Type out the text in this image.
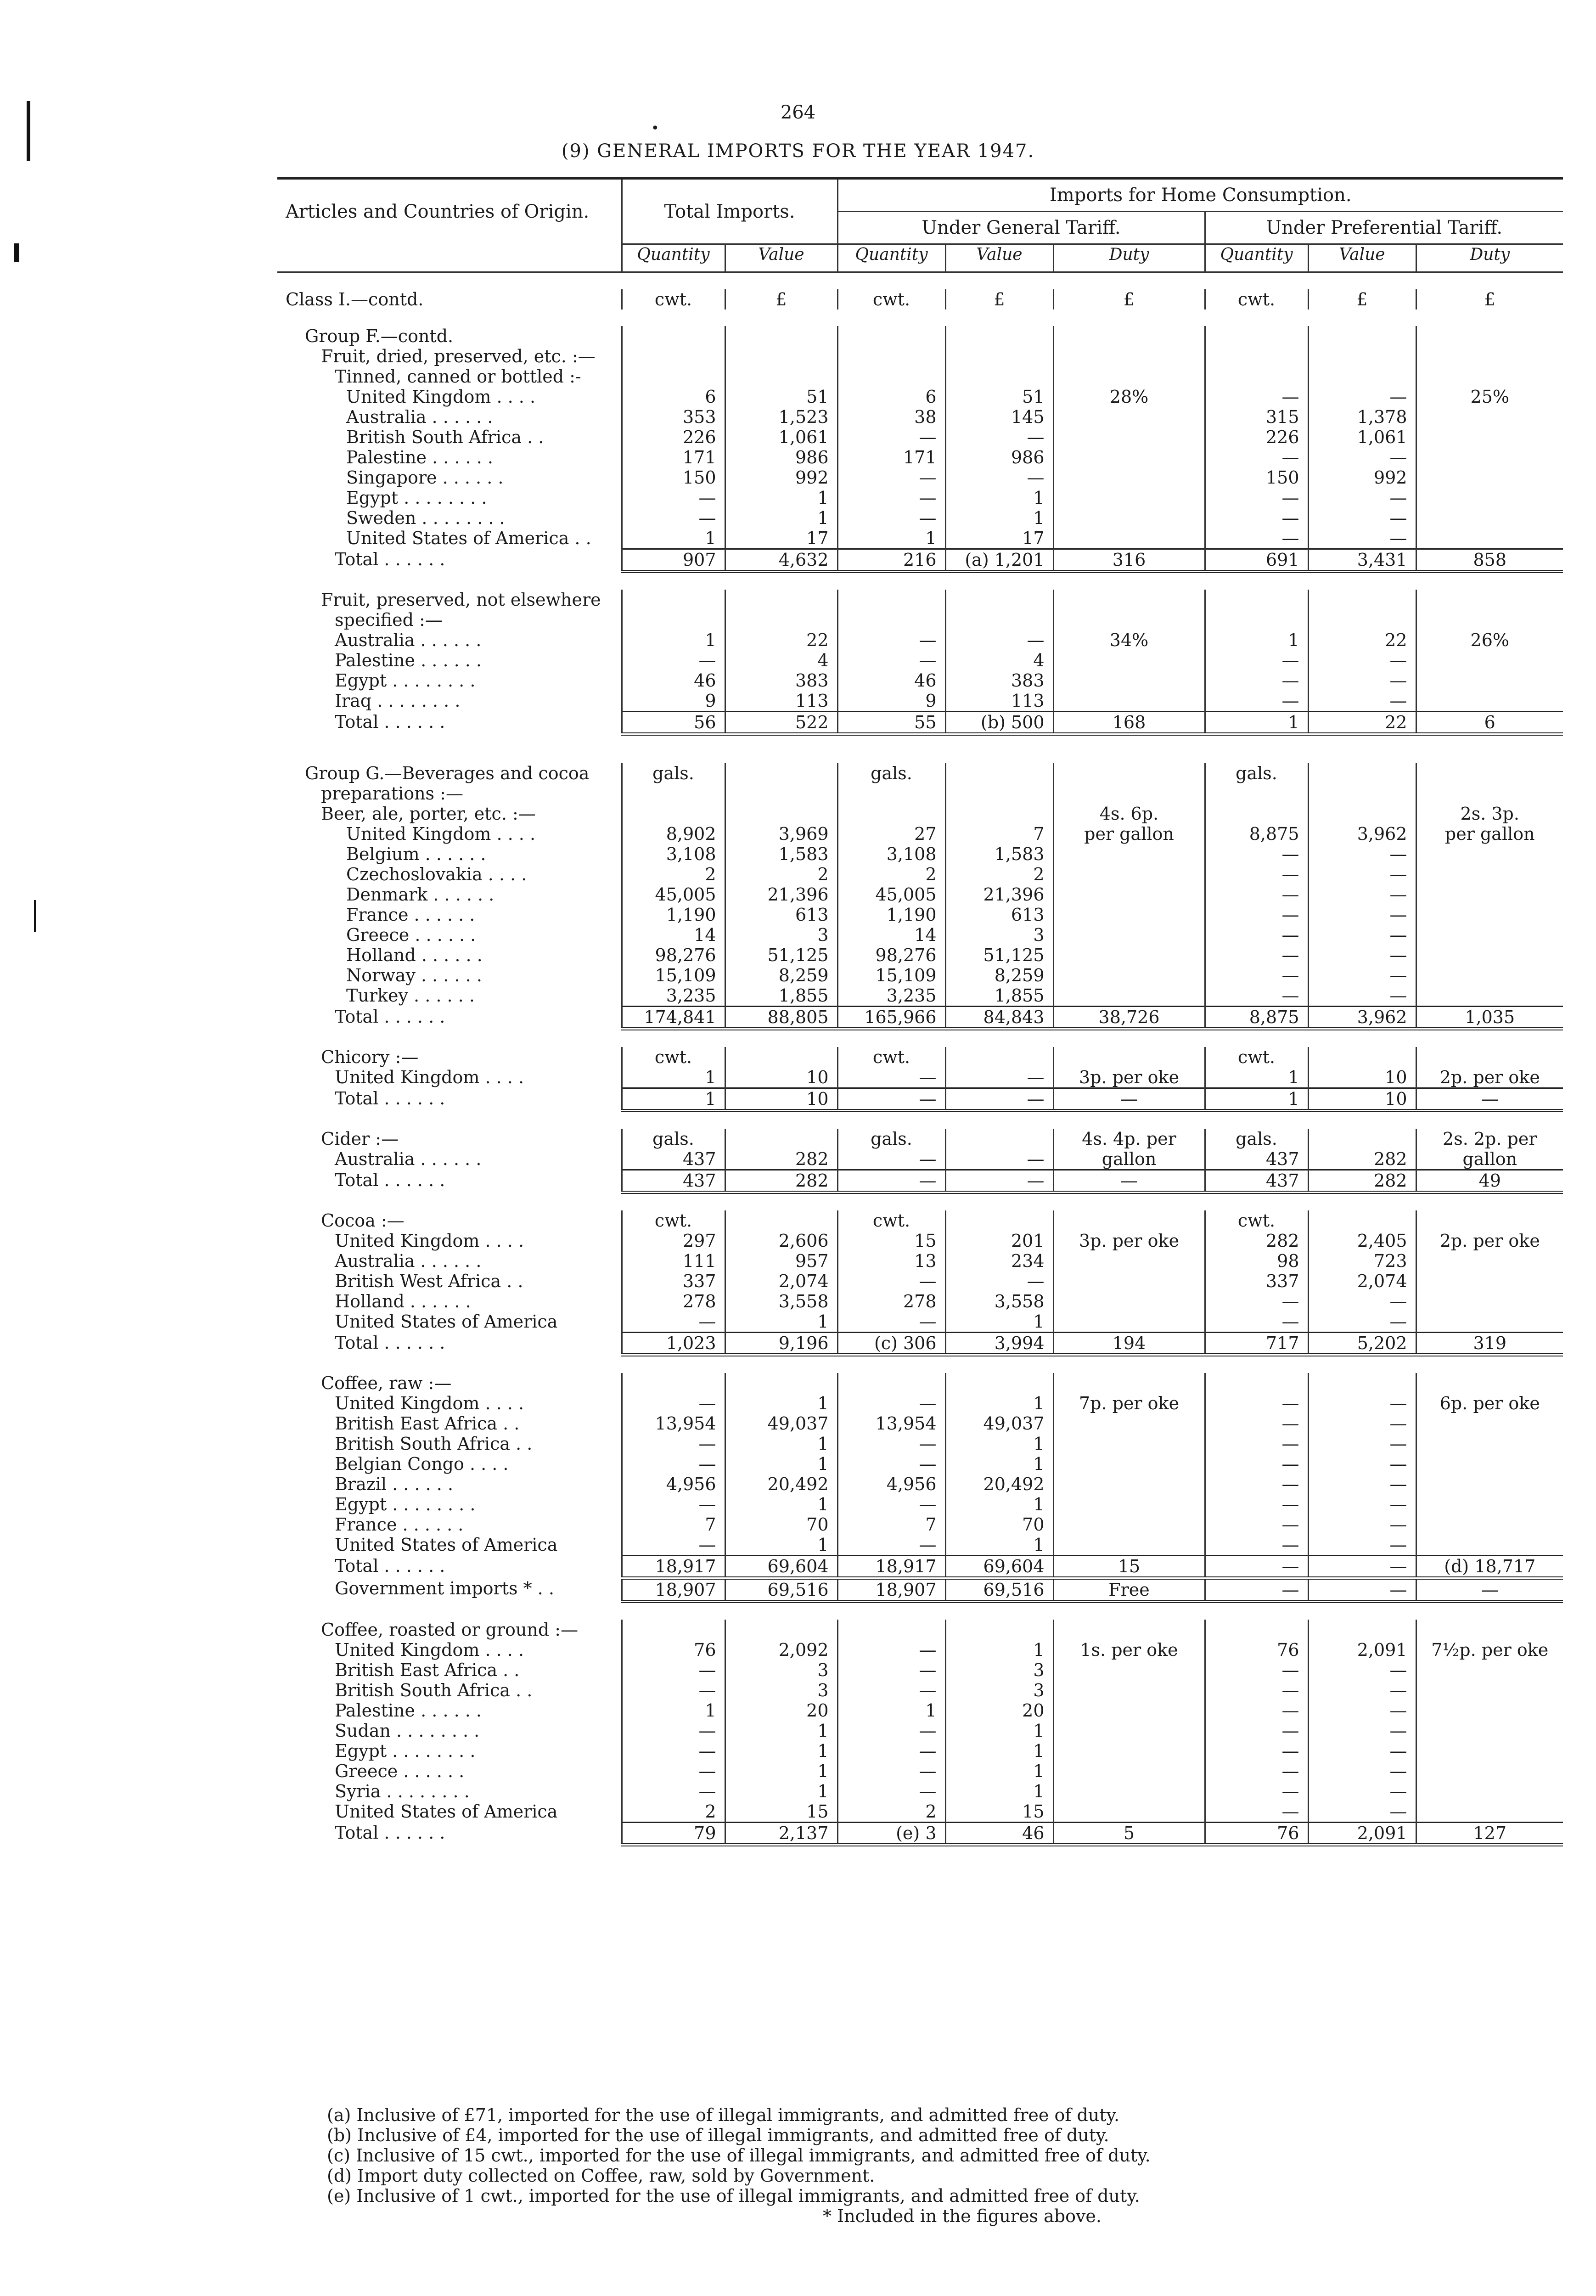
264
•
(9) GENERAL IMPORTS FOR THE YEAR 1947.
Articles and Countries of Origin.	Total Imports.		Imports for Home Consumption.					
			Under General Tariff.			Under Preferential Tariff.		
	Quantity	Value	Quantity	Value	Duty	Quantity	Value	Duty

Class I.—contd.	cwt.	£	cwt.	£	£	cwt.	£	£

Group F.—contd.								
Fruit, dried, preserved, etc. :—								
Tinned, canned or bottled :-								
United Kingdom . . . .	6	51	6	51	28%	—	—	25%
Australia . . . . . .	353	1,523	38	145		315	1,378	
British South Africa . .	226	1,061	—	—		226	1,061	
Palestine . . . . . .	171	986	171	986		—	—	
Singapore . . . . . .	150	992	—	—		150	992	
Egypt . . . . . . . .	—	1	—	1		—	—	
Sweden . . . . . . . .	—	1	—	1		—	—	
United States of America . .	1	17	1	17		—	—	
Total . . . . . .	907	4,632	216	(a) 1,201	316	691	3,431	858

Fruit, preserved, not elsewhere								
specified :—								
Australia . . . . . .	1	22	—	—	34%	1	22	26%
Palestine . . . . . .	—	4	—	4		—	—	
Egypt . . . . . . . .	46	383	46	383		—	—	
Iraq . . . . . . . .	9	113	9	113		—	—	
Total . . . . . .	56	522	55	(b) 500	168	1	22	6

Group G.—Beverages and cocoa	gals.		gals.			gals.		
preparations :—								
Beer, ale, porter, etc. :—					4s. 6p.			2s. 3p.
United Kingdom . . . .	8,902	3,969	27	7	per gallon	8,875	3,962	per gallon
Belgium . . . . . .	3,108	1,583	3,108	1,583		—	—	
Czechoslovakia . . . .	2	2	2	2		—	—	
Denmark . . . . . .	45,005	21,396	45,005	21,396		—	—	
France . . . . . .	1,190	613	1,190	613		—	—	
Greece . . . . . .	14	3	14	3		—	—	
Holland . . . . . .	98,276	51,125	98,276	51,125		—	—	
Norway . . . . . .	15,109	8,259	15,109	8,259		—	—	
Turkey . . . . . .	3,235	1,855	3,235	1,855		—	—	
Total . . . . . .	174,841	88,805	165,966	84,843	38,726	8,875	3,962	1,035

Chicory :—	cwt.		cwt.			cwt.		
United Kingdom . . . .	1	10	—	—	3p. per oke	1	10	2p. per oke
Total . . . . . .	1	10	—	—	—	1	10	—

Cider :—	gals.		gals.		4s. 4p. per	gals.		2s. 2p. per
Australia . . . . . .	437	282	—	—	gallon	437	282	gallon
Total . . . . . .	437	282	—	—	—	437	282	49

Cocoa :—	cwt.		cwt.			cwt.		
United Kingdom . . . .	297	2,606	15	201	3p. per oke	282	2,405	2p. per oke
Australia . . . . . .	111	957	13	234		98	723	
British West Africa . .	337	2,074	—	—		337	2,074	
Holland . . . . . .	278	3,558	278	3,558		—	—	
United States of America	—	1	—	1		—	—	
Total . . . . . .	1,023	9,196	(c) 306	3,994	194	717	5,202	319

Coffee, raw :—								
United Kingdom . . . .	—	1	—	1	7p. per oke	—	—	6p. per oke
British East Africa . .	13,954	49,037	13,954	49,037		—	—	
British South Africa . .	—	1	—	1		—	—	
Belgian Congo . . . .	—	1	—	1		—	—	
Brazil . . . . . .	4,956	20,492	4,956	20,492		—	—	
Egypt . . . . . . . .	—	1	—	1		—	—	
France . . . . . .	7	70	7	70		—	—	
United States of America	—	1	—	1		—	—	
Total . . . . . .	18,917	69,604	18,917	69,604	15	—	—	(d) 18,717
Government imports * . .	18,907	69,516	18,907	69,516	Free	—	—	—

Coffee, roasted or ground :—								
United Kingdom . . . .	76	2,092	—	1	1s. per oke	76	2,091	7½p. per oke
British East Africa . .	—	3	—	3		—	—	
British South Africa . .	—	3	—	3		—	—	
Palestine . . . . . .	1	20	1	20		—	—	
Sudan . . . . . . . .	—	1	—	1		—	—	
Egypt . . . . . . . .	—	1	—	1		—	—	
Greece . . . . . .	—	1	—	1		—	—	
Syria . . . . . . . .	—	1	—	1		—	—	
United States of America	2	15	2	15		—	—	
Total . . . . . .	79	2,137	(e) 3	46	5	76	2,091	127
(a) Inclusive of £71, imported for the use of illegal immigrants, and admitted free of duty.
(b) Inclusive of £4, imported for the use of illegal immigrants, and admitted free of duty.
(c) Inclusive of 15 cwt., imported for the use of illegal immigrants, and admitted free of duty.
(d) Import duty collected on Coffee, raw, sold by Government.
(e) Inclusive of 1 cwt., imported for the use of illegal immigrants, and admitted free of duty.
* Included in the figures above.
